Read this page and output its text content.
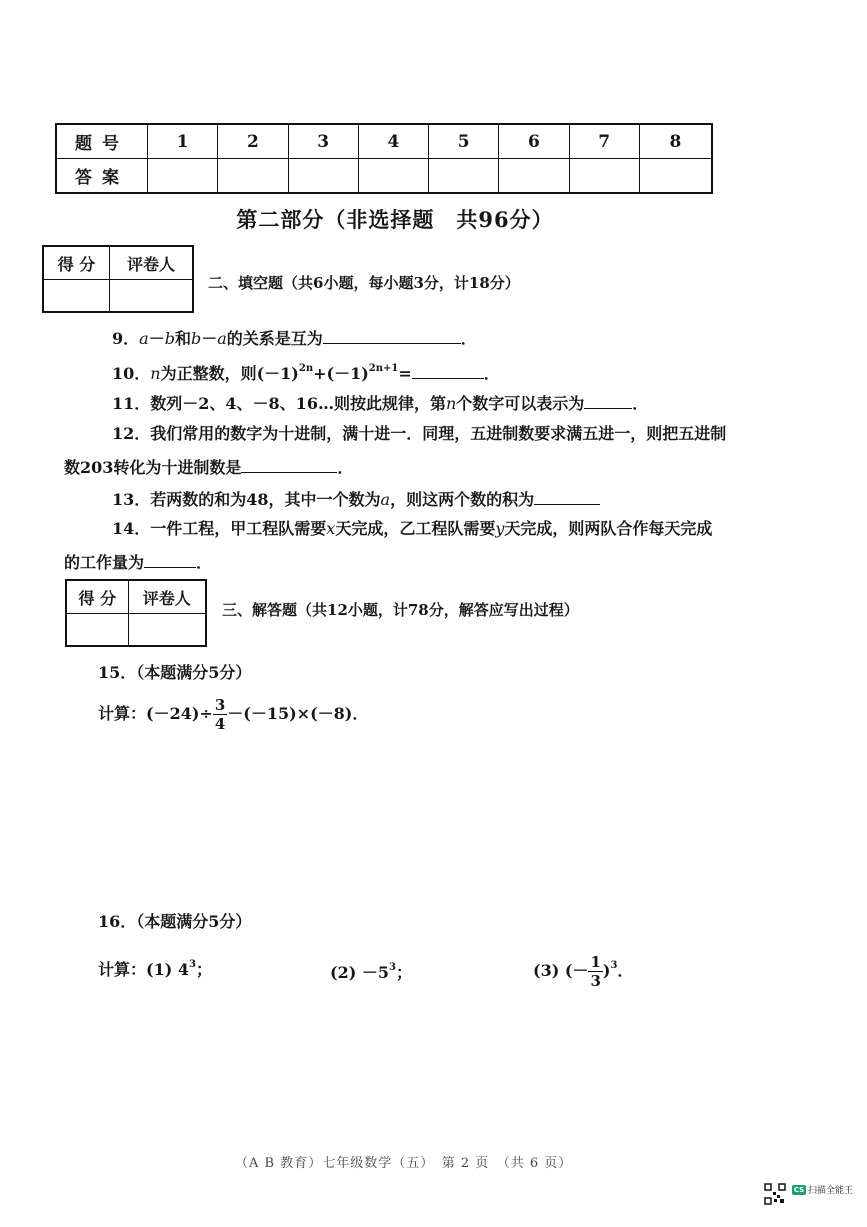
题号	1	2	3	4	5	6	7	8
答案								
第二部分（非选择题　共96分）
得 分	评卷人

二、填空题（共6小题，每小题3分，计18分）
9．a－b和b－a的关系是互为	．
10．n为正整数，则$(-1)^{2n}+(-1)^{2n+1}=$	．
11．数列－2、4、－8、16…则按此规律，第n个数字可以表示为	．
12．我们常用的数字为十进制，满十进一．同理，五进制数要求满五进一，则把五进制
数203转化为十进制数是	．
13．若两数的和为48，其中一个数为a，则这两个数的积为
14．一件工程，甲工程队需要x天完成，乙工程队需要y天完成，则两队合作每天完成
的工作量为	．
得 分	评卷人

三、解答题（共12小题，计78分，解答应写出过程）
15．（本题满分5分）
计算：$(-24)\div \frac{3}{4} -(-15)\times(-8)$．
16．（本题满分5分）
计算：(1) $4^3$；	$(2) -5^3$；	(3) (－ $\frac{1}{3} )^3$．
（A B 教育）七年级数学（五）　第 2 页　（共 6 页）
CS 扫描全能王
